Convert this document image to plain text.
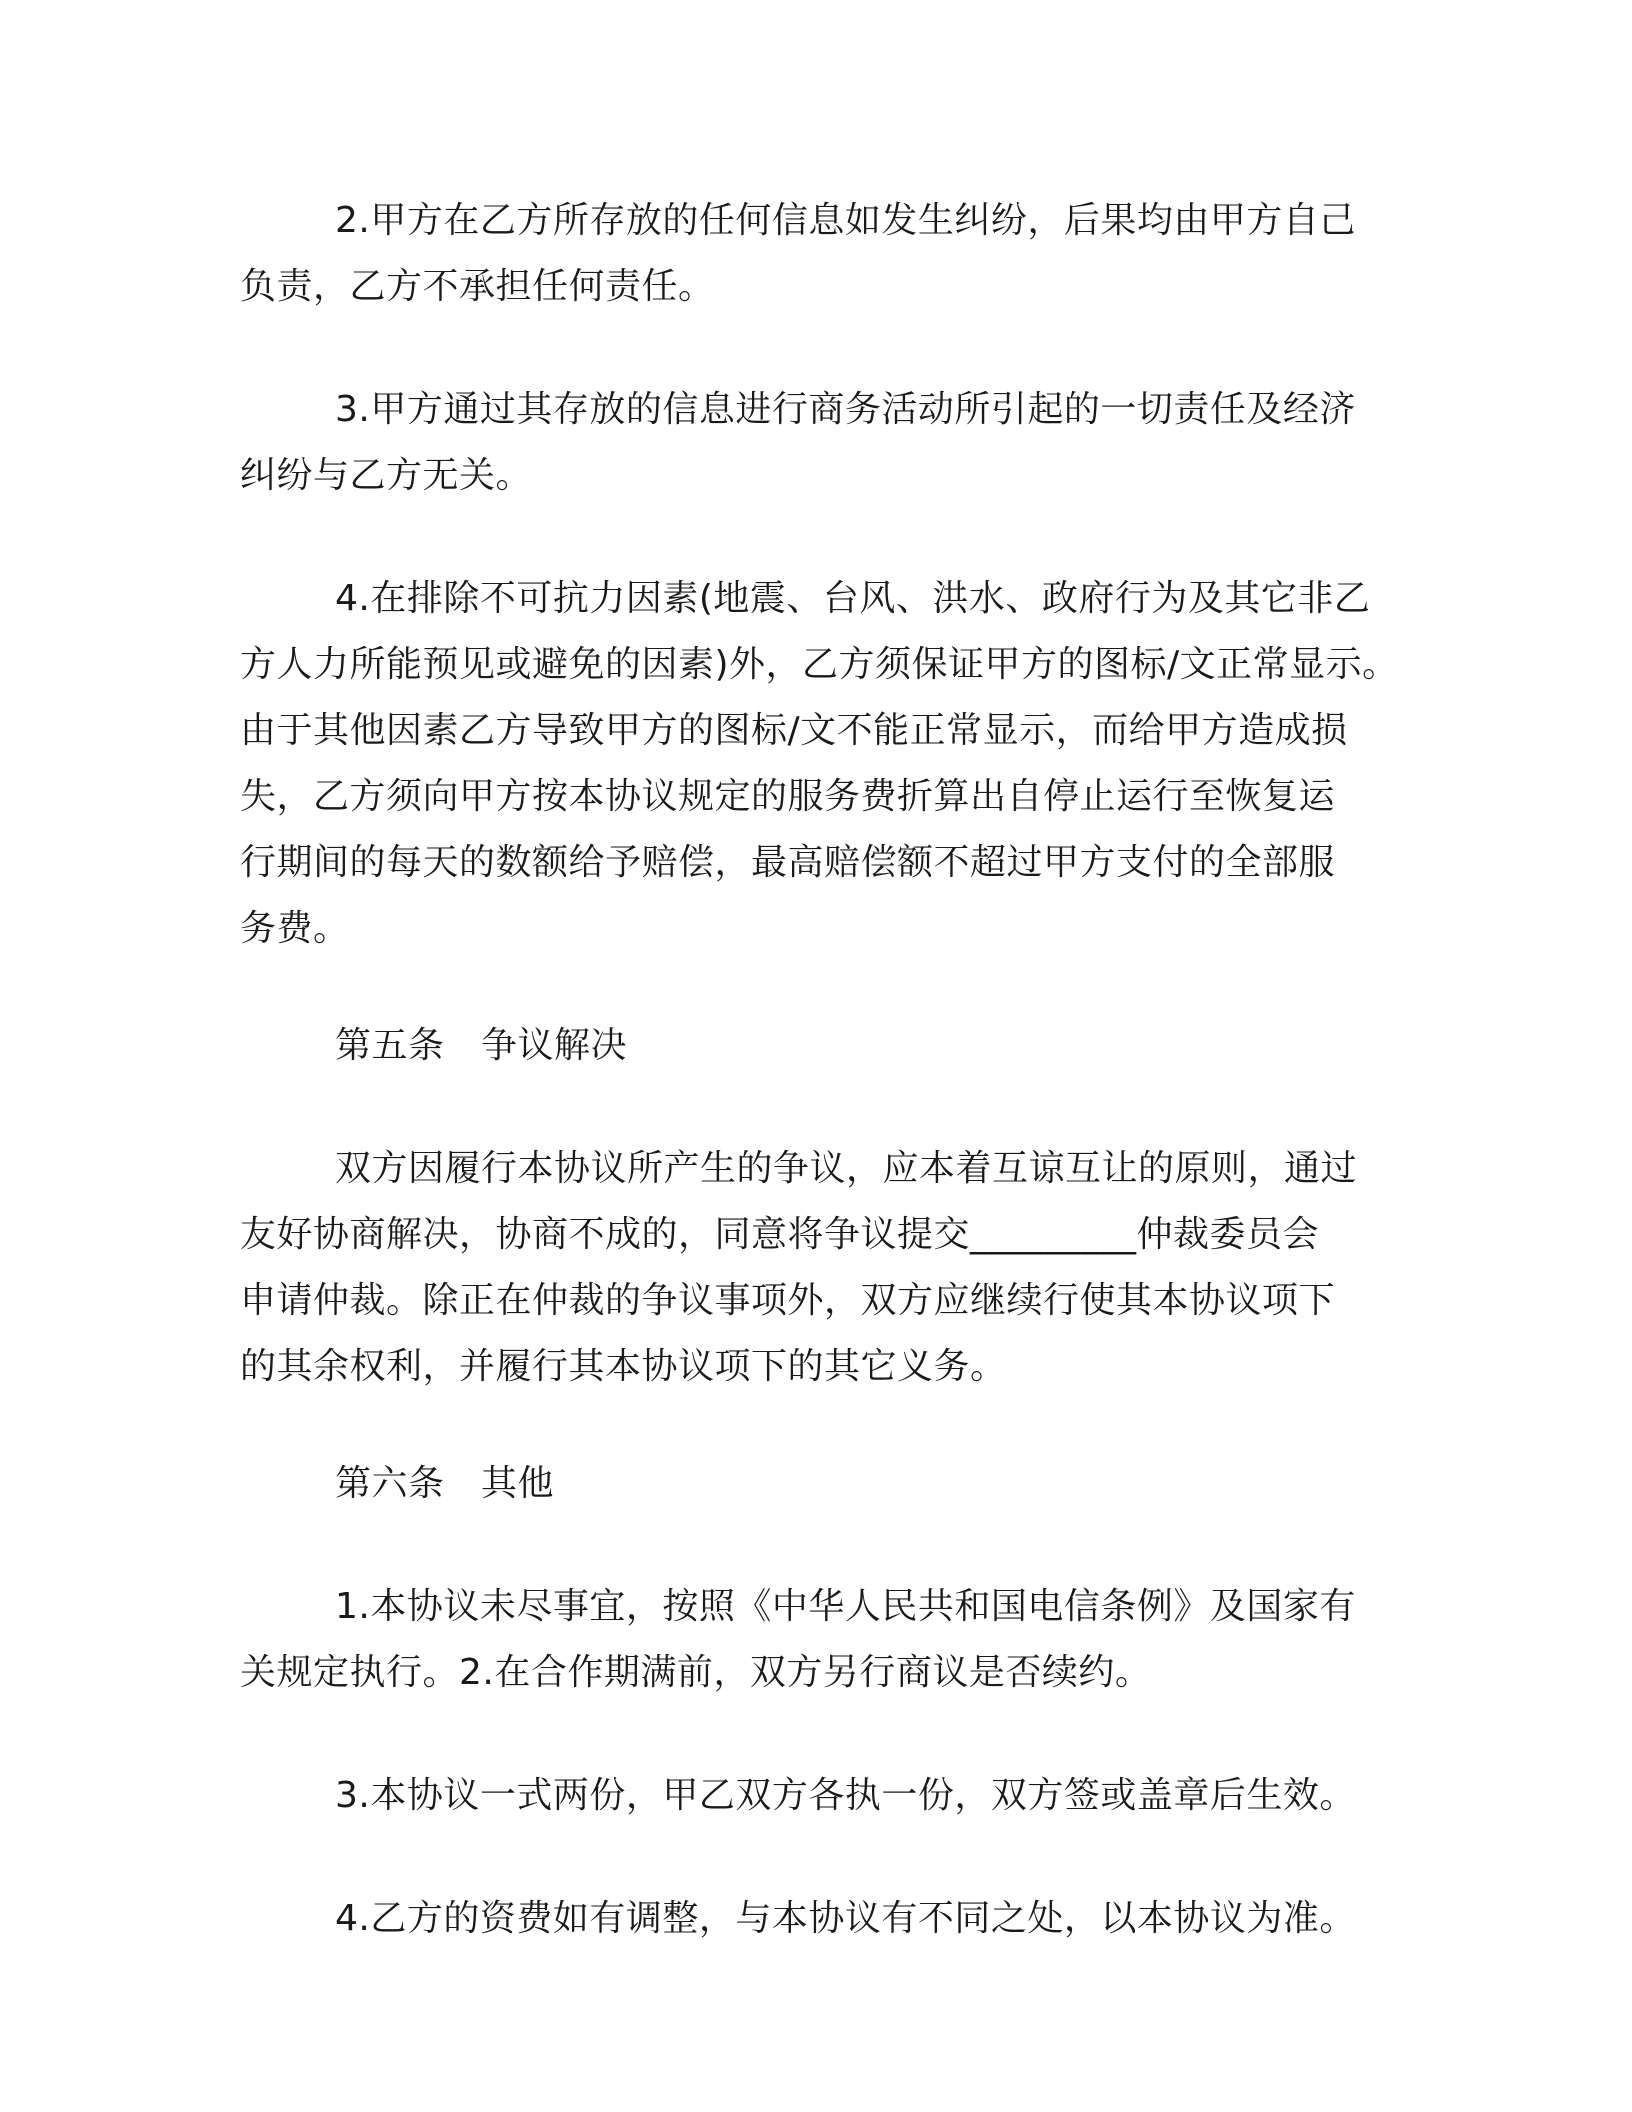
2.甲方在乙方所存放的任何信息如发生纠纷，后果均由甲方自己
负责，乙方不承担任何责任。
3.甲方通过其存放的信息进行商务活动所引起的一切责任及经济
纠纷与乙方无关。
4.在排除不可抗力因素(地震、台风、洪水、政府行为及其它非乙
方人力所能预见或避免的因素)外，乙方须保证甲方的图标/文正常显示。
由于其他因素乙方导致甲方的图标/文不能正常显示，而给甲方造成损
失，乙方须向甲方按本协议规定的服务费折算出自停止运行至恢复运
行期间的每天的数额给予赔偿，最高赔偿额不超过甲方支付的全部服
务费。
第五条　争议解决
双方因履行本协议所产生的争议，应本着互谅互让的原则，通过
友好协商解决，协商不成的，同意将争议提交_________仲裁委员会
申请仲裁。除正在仲裁的争议事项外，双方应继续行使其本协议项下
的其余权利，并履行其本协议项下的其它义务。
第六条　其他
1.本协议未尽事宜，按照《中华人民共和国电信条例》及国家有
关规定执行。2.在合作期满前，双方另行商议是否续约。
3.本协议一式两份，甲乙双方各执一份，双方签或盖章后生效。
4.乙方的资费如有调整，与本协议有不同之处，以本协议为准。
